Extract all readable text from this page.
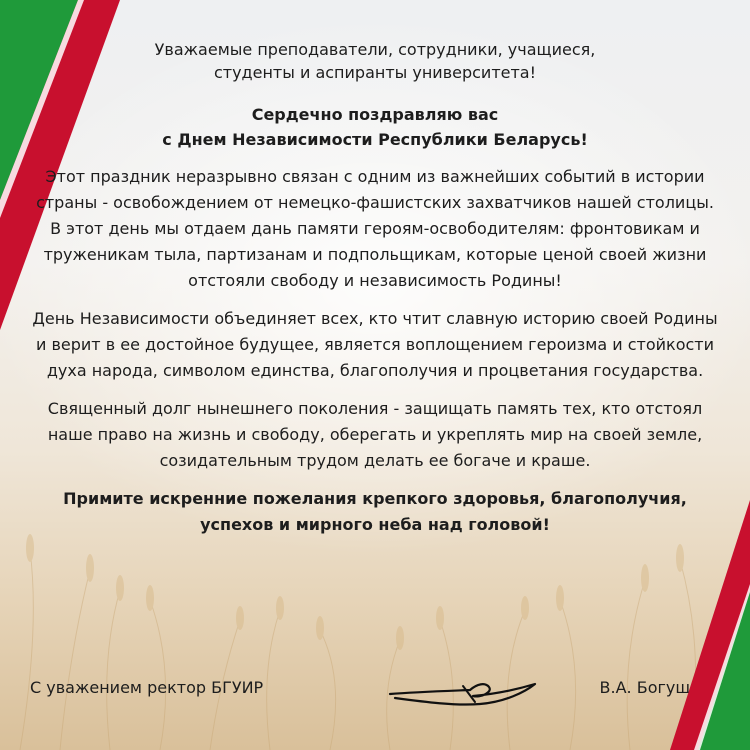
Уважаемые преподаватели, сотрудники, учащиеся,
студенты и аспиранты университета!

Сердечно поздравляю вас
с Днем Независимости Республики Беларусь!

Этот праздник неразрывно связан с одним из важнейших событий в истории страны - освобождением от немецко-фашистских захватчиков нашей столицы. В этот день мы отдаем дань памяти героям-освободителям: фронтовикам и труженикам тыла, партизанам и подпольщикам, которые ценой своей жизни отстояли свободу и независимость Родины!

День Независимости объединяет всех, кто чтит славную историю своей Родины и верит в ее достойное будущее, является воплощением героизма и стойкости духа народа, символом единства, благополучия и процветания государства.

Священный долг нынешнего поколения - защищать память тех, кто отстоял наше право на жизнь и свободу, оберегать и укреплять мир на своей земле, созидательным трудом делать ее богаче и краше.

Примите искренние пожелания крепкого здоровья, благополучия,
успехов и мирного неба над головой!

С уважением ректор БГУИР	В.А. Богуш
